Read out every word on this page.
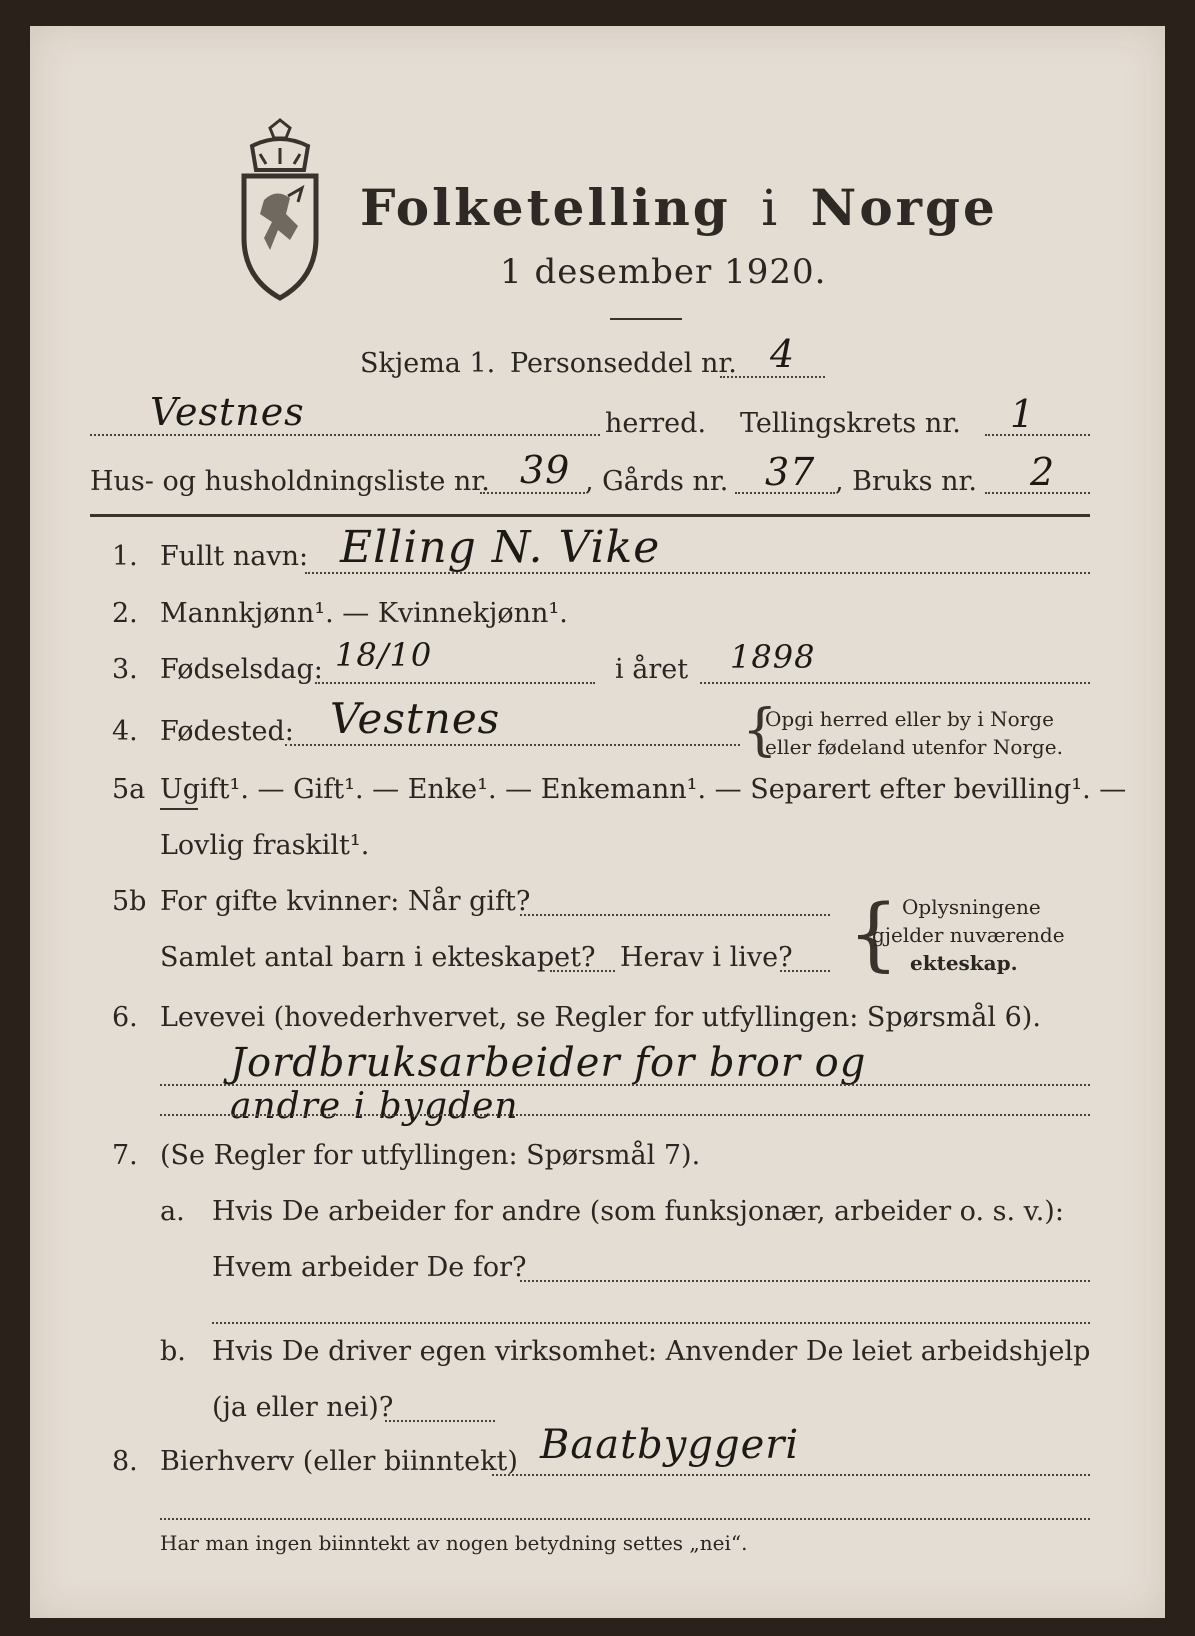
Folketelling i Norge
1 desember 1920.
Skjema 1. Personseddel nr. 4
Vestnes	herred. Tellingskrets nr. 1
Hus- og husholdningsliste nr. 39 , Gårds nr. 37 , Bruks nr. 2
1. Fullt navn: Elling N. Vike
2. Mannkjønn¹. — Kvinnekjønn¹.
3. Fødselsdag: 18/10	i året 1898
4. Fødested: Vestnes	{
Opgi herred eller by i Norge
eller fødeland utenfor Norge.
5a Ugift¹. — Gift¹. — Enke¹. — Enkemann¹. — Separert efter bevilling¹. —
Lovlig fraskilt¹.
5b For gifte kvinner: Når gift?
Samlet antal barn i ekteskapet? Herav i live? { Oplysningene
gjelder nuværende
ekteskap.
6. Levevei (hovederhvervet, se Regler for utfyllingen: Spørsmål 6).
Jordbruksarbeider for bror og
andre i bygden
7. (Se Regler for utfyllingen: Spørsmål 7).
a. Hvis De arbeider for andre (som funksjonær, arbeider o. s. v.):
Hvem arbeider De for?
b. Hvis De driver egen virksomhet: Anvender De leiet arbeidshjelp
(ja eller nei)?
8. Bierhverv (eller biinntekt) Baatbyggeri
Har man ingen biinntekt av nogen betydning settes „nei“.
